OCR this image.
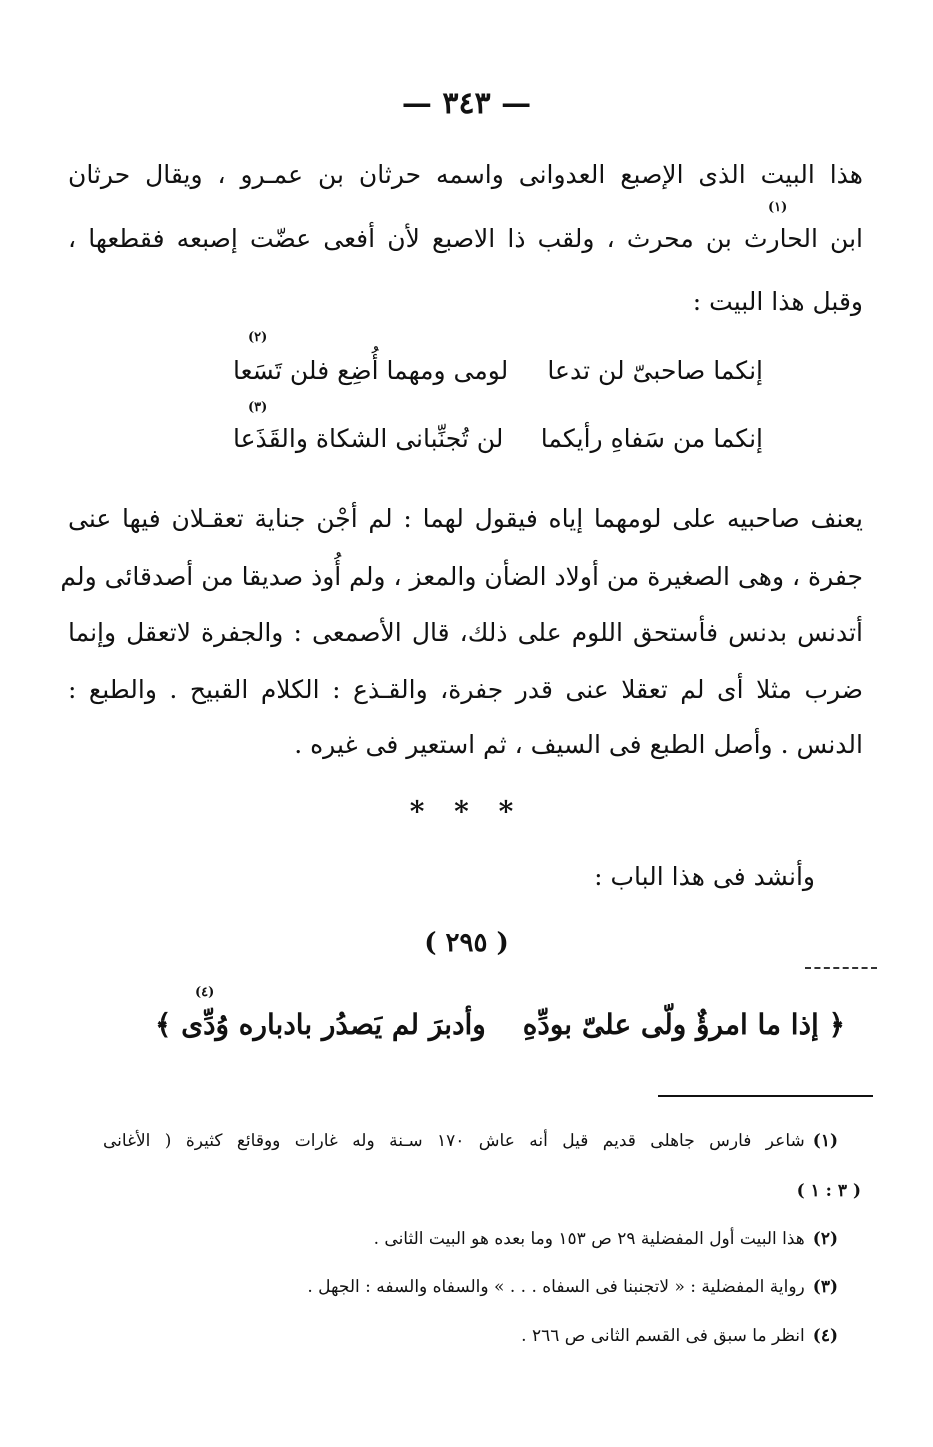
— ٣٤٣ —
هذا البيت الذى الإصبع العدوانى واسمه حرثان بن عمـرو ، ويقال حرثان
(١)
ابن الحارث بن محرث ، ولقب ذا الاصبع لأن أفعى عضّت إصبعه فقطعها ،
وقبل هذا البيت :
(٢)
إنكما صاحبىّ لن تدعا
لومى ومهما أُضِع فلن تَسَعا
(٣)
إنكما من سَفاهِ رأيكما
لن تُجنِّبانى الشكاة والقَذَعا
يعنف صاحبيه على لومهما إياه فيقول لهما : لم أجْن جناية تعقـلان فيها عنى
جفرة ، وهى الصغيرة من أولاد الضأن والمعز ، ولم أُوذ صديقا من أصدقائى ولم
أتدنس بدنس فأستحق اللوم على ذلك، قال الأصمعى : والجفرة لاتعقل وإنما
ضرب مثلا أى لم تعقلا عنى قدر جفرة، والقـذع : الكلام القبيح . والطبع :
الدنس . وأصل الطبع فى السيف ، ثم استعير فى غيره .
* * *
وأنشد فى هذا الباب :
( ٢٩٥ )
(٤)
﴿ إذا ما امرؤٌ ولّى علىّ بودِّهِ
وأدبرَ لم يَصدُر بادباره وُدِّى ﴾
(١)شاعر فارس جاهلى قديم قيل أنه عاش ١٧٠ سـنة وله غارات ووقائع كثيرة ( الأغانى
( ٣ : ١ )
(٢)هذا البيت أول المفضلية ٢٩ ص ١٥٣ وما بعده هو البيت الثانى .
(٣)رواية المفضلية : « لاتجنبنا فى السفاه . . . » والسفاه والسفه : الجهل .
(٤)انظر ما سبق فى القسم الثانى ص ٢٦٦ .
